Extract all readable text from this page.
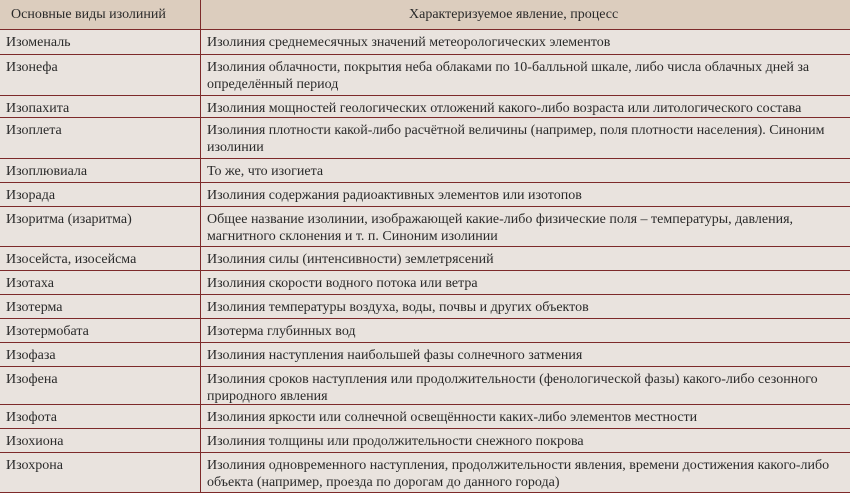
Основные виды изолиний	Характеризуемое явление, процесс
Изоменаль	Изолиния среднемесячных значений метеорологических элементов
Изонефа	Изолиния облачности, покрытия неба облаками по 10-балльной шкале, либо числа облачных дней за определённый период
Изопахита	Изолиния мощностей геологических отложений какого-либо возраста или литологического состава
Изоплета	Изолиния плотности какой-либо расчётной величины (например, поля плотности населения). Синоним изолинии
Изоплювиала	То же, что изогиета
Изорада	Изолиния содержания радиоактивных элементов или изотопов
Изоритма (изаритма)	Общее название изолинии, изображающей какие-либо физические поля – температуры, давления, магнитного склонения и т. п. Синоним изолинии
Изосейста, изосейсма	Изолиния силы (интенсивности) землетрясений
Изотаха	Изолиния скорости водного потока или ветра
Изотерма	Изолиния температуры воздуха, воды, почвы и других объектов
Изотермобата	Изотерма глубинных вод
Изофаза	Изолиния наступления наибольшей фазы солнечного затмения
Изофена	Изолиния сроков наступления или продолжительности (фенологической фазы) какого-либо сезонного природного явления
Изофота	Изолиния яркости или солнечной освещённости каких-либо элементов местности
Изохиона	Изолиния толщины или продолжительности снежного покрова
Изохрона	Изолиния одновременного наступления, продолжительности явления, времени достижения какого-либо объекта (например, проезда по дорогам до данного города)
